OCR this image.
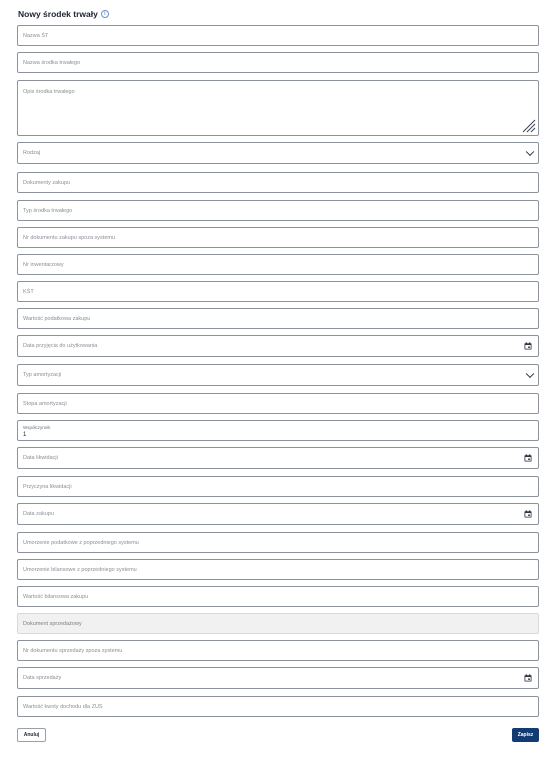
Nowy środek trwały	i
Nazwa ŚT
Nazwa środka trwałego
Opis środka trwałego
Rodzaj
Dokumenty zakupu
Typ środka trwałego
Nr dokumentu zakupu spoza systemu
Nr inwentarzowy
KŚT
Wartość podatkowa zakupu
Data przyjęcia do użytkowania
Typ amortyzacji
Stopa amortyzacji
Współczynnik
1
Data likwidacji
Przyczyna likwidacji
Data zakupu
Umorzenie podatkowe z poprzedniego systemu
Umorzenie bilansowe z poprzedniego systemu
Wartość bilansowa zakupu
Dokument sprzedażowy
Nr dokumentu sprzedaży spoza systemu
Data sprzedaży
Wartość kwoty dochodu dla ZUS
Anuluj	Zapisz
